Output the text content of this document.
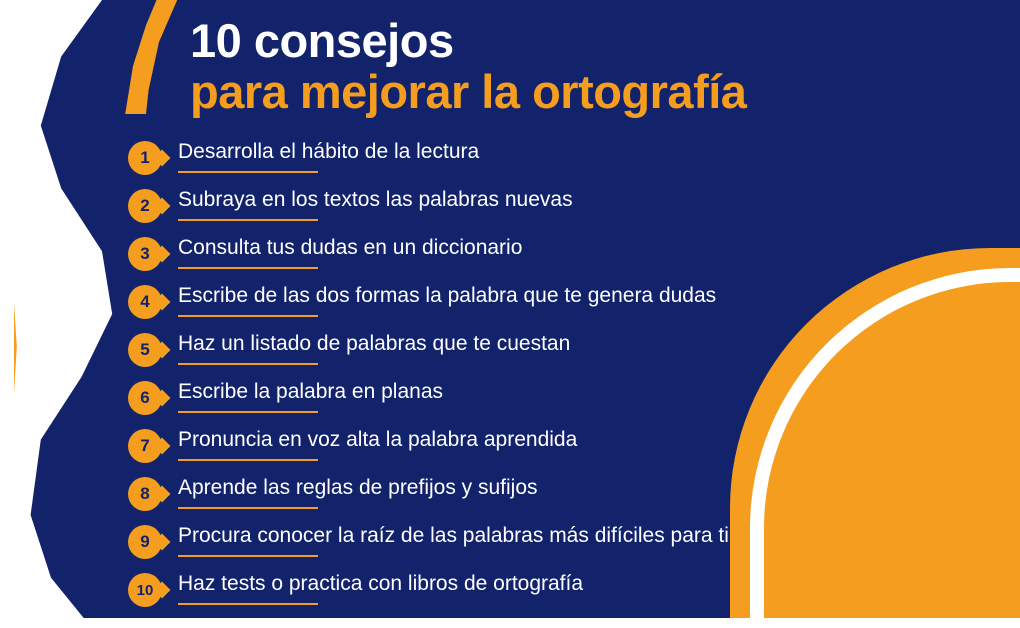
10 consejos
para mejorar la ortografía
1	Desarrolla el hábito de la lectura
2	Subraya en los textos las palabras nuevas
3	Consulta tus dudas en un diccionario
4	Escribe de las dos formas la palabra que te genera dudas
5	Haz un listado de palabras que te cuestan
6	Escribe la palabra en planas
7	Pronuncia en voz alta la palabra aprendida
8	Aprende las reglas de prefijos y sufijos
9	Procura conocer la raíz de las palabras más difíciles para ti
10	Haz tests o practica con libros de ortografía
